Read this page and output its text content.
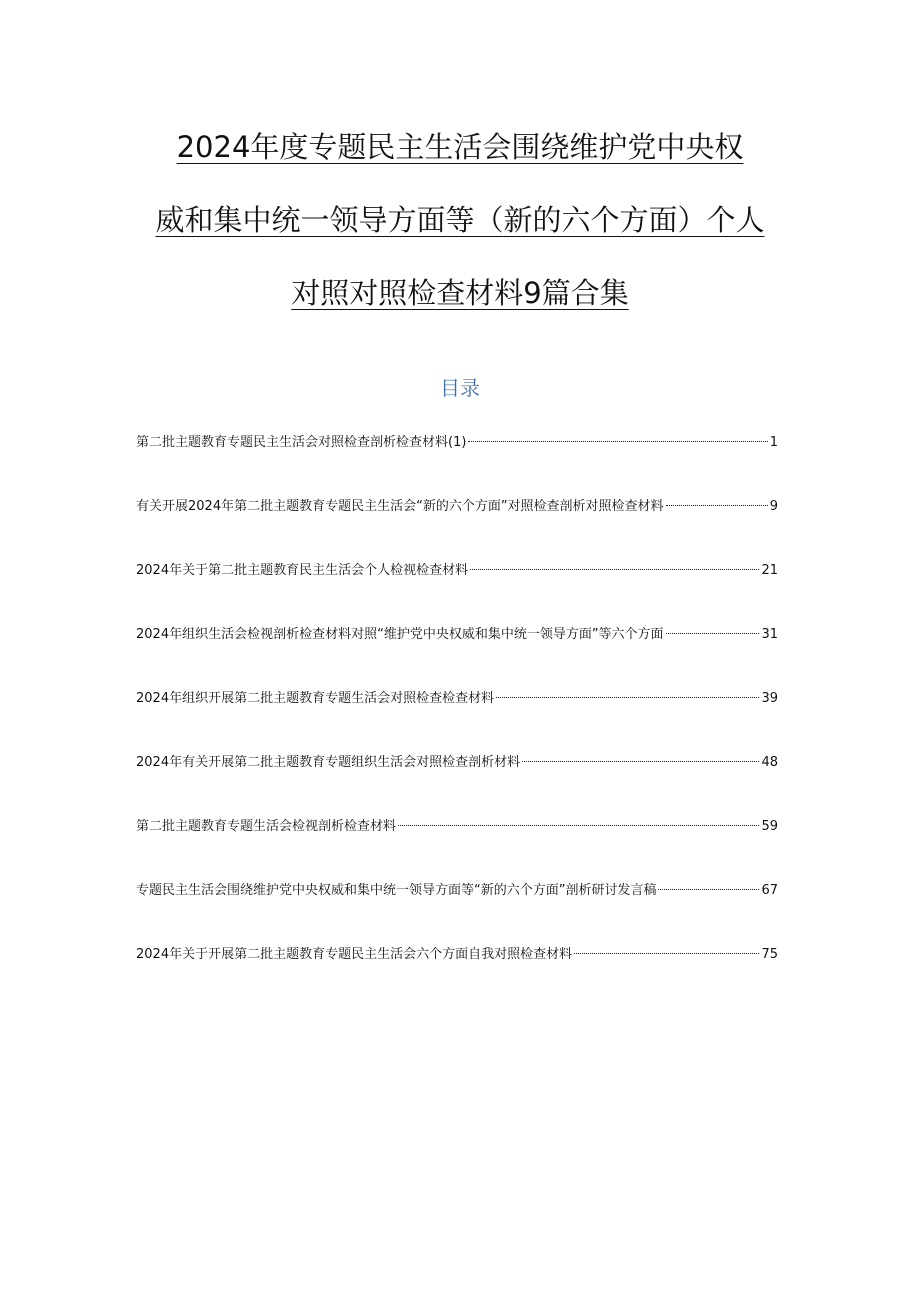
2024年度专题民主生活会围绕维护党中央权
威和集中统一领导方面等（新的六个方面）个人
对照对照检查材料9篇合集
目录
第二批主题教育专题民主生活会对照检查剖析检查材料(1)	1
有关开展2024年第二批主题教育专题民主生活会“新的六个方面”对照检查剖析对照检查材料	9
2024年关于第二批主题教育民主生活会个人检视检查材料	21
2024年组织生活会检视剖析检查材料对照“维护党中央权威和集中统一领导方面”等六个方面	31
2024年组织开展第二批主题教育专题生活会对照检查检查材料	39
2024年有关开展第二批主题教育专题组织生活会对照检查剖析材料	48
第二批主题教育专题生活会检视剖析检查材料	59
专题民主生活会围绕维护党中央权威和集中统一领导方面等“新的六个方面”剖析研讨发言稿	67
2024年关于开展第二批主题教育专题民主生活会六个方面自我对照检查材料	75
